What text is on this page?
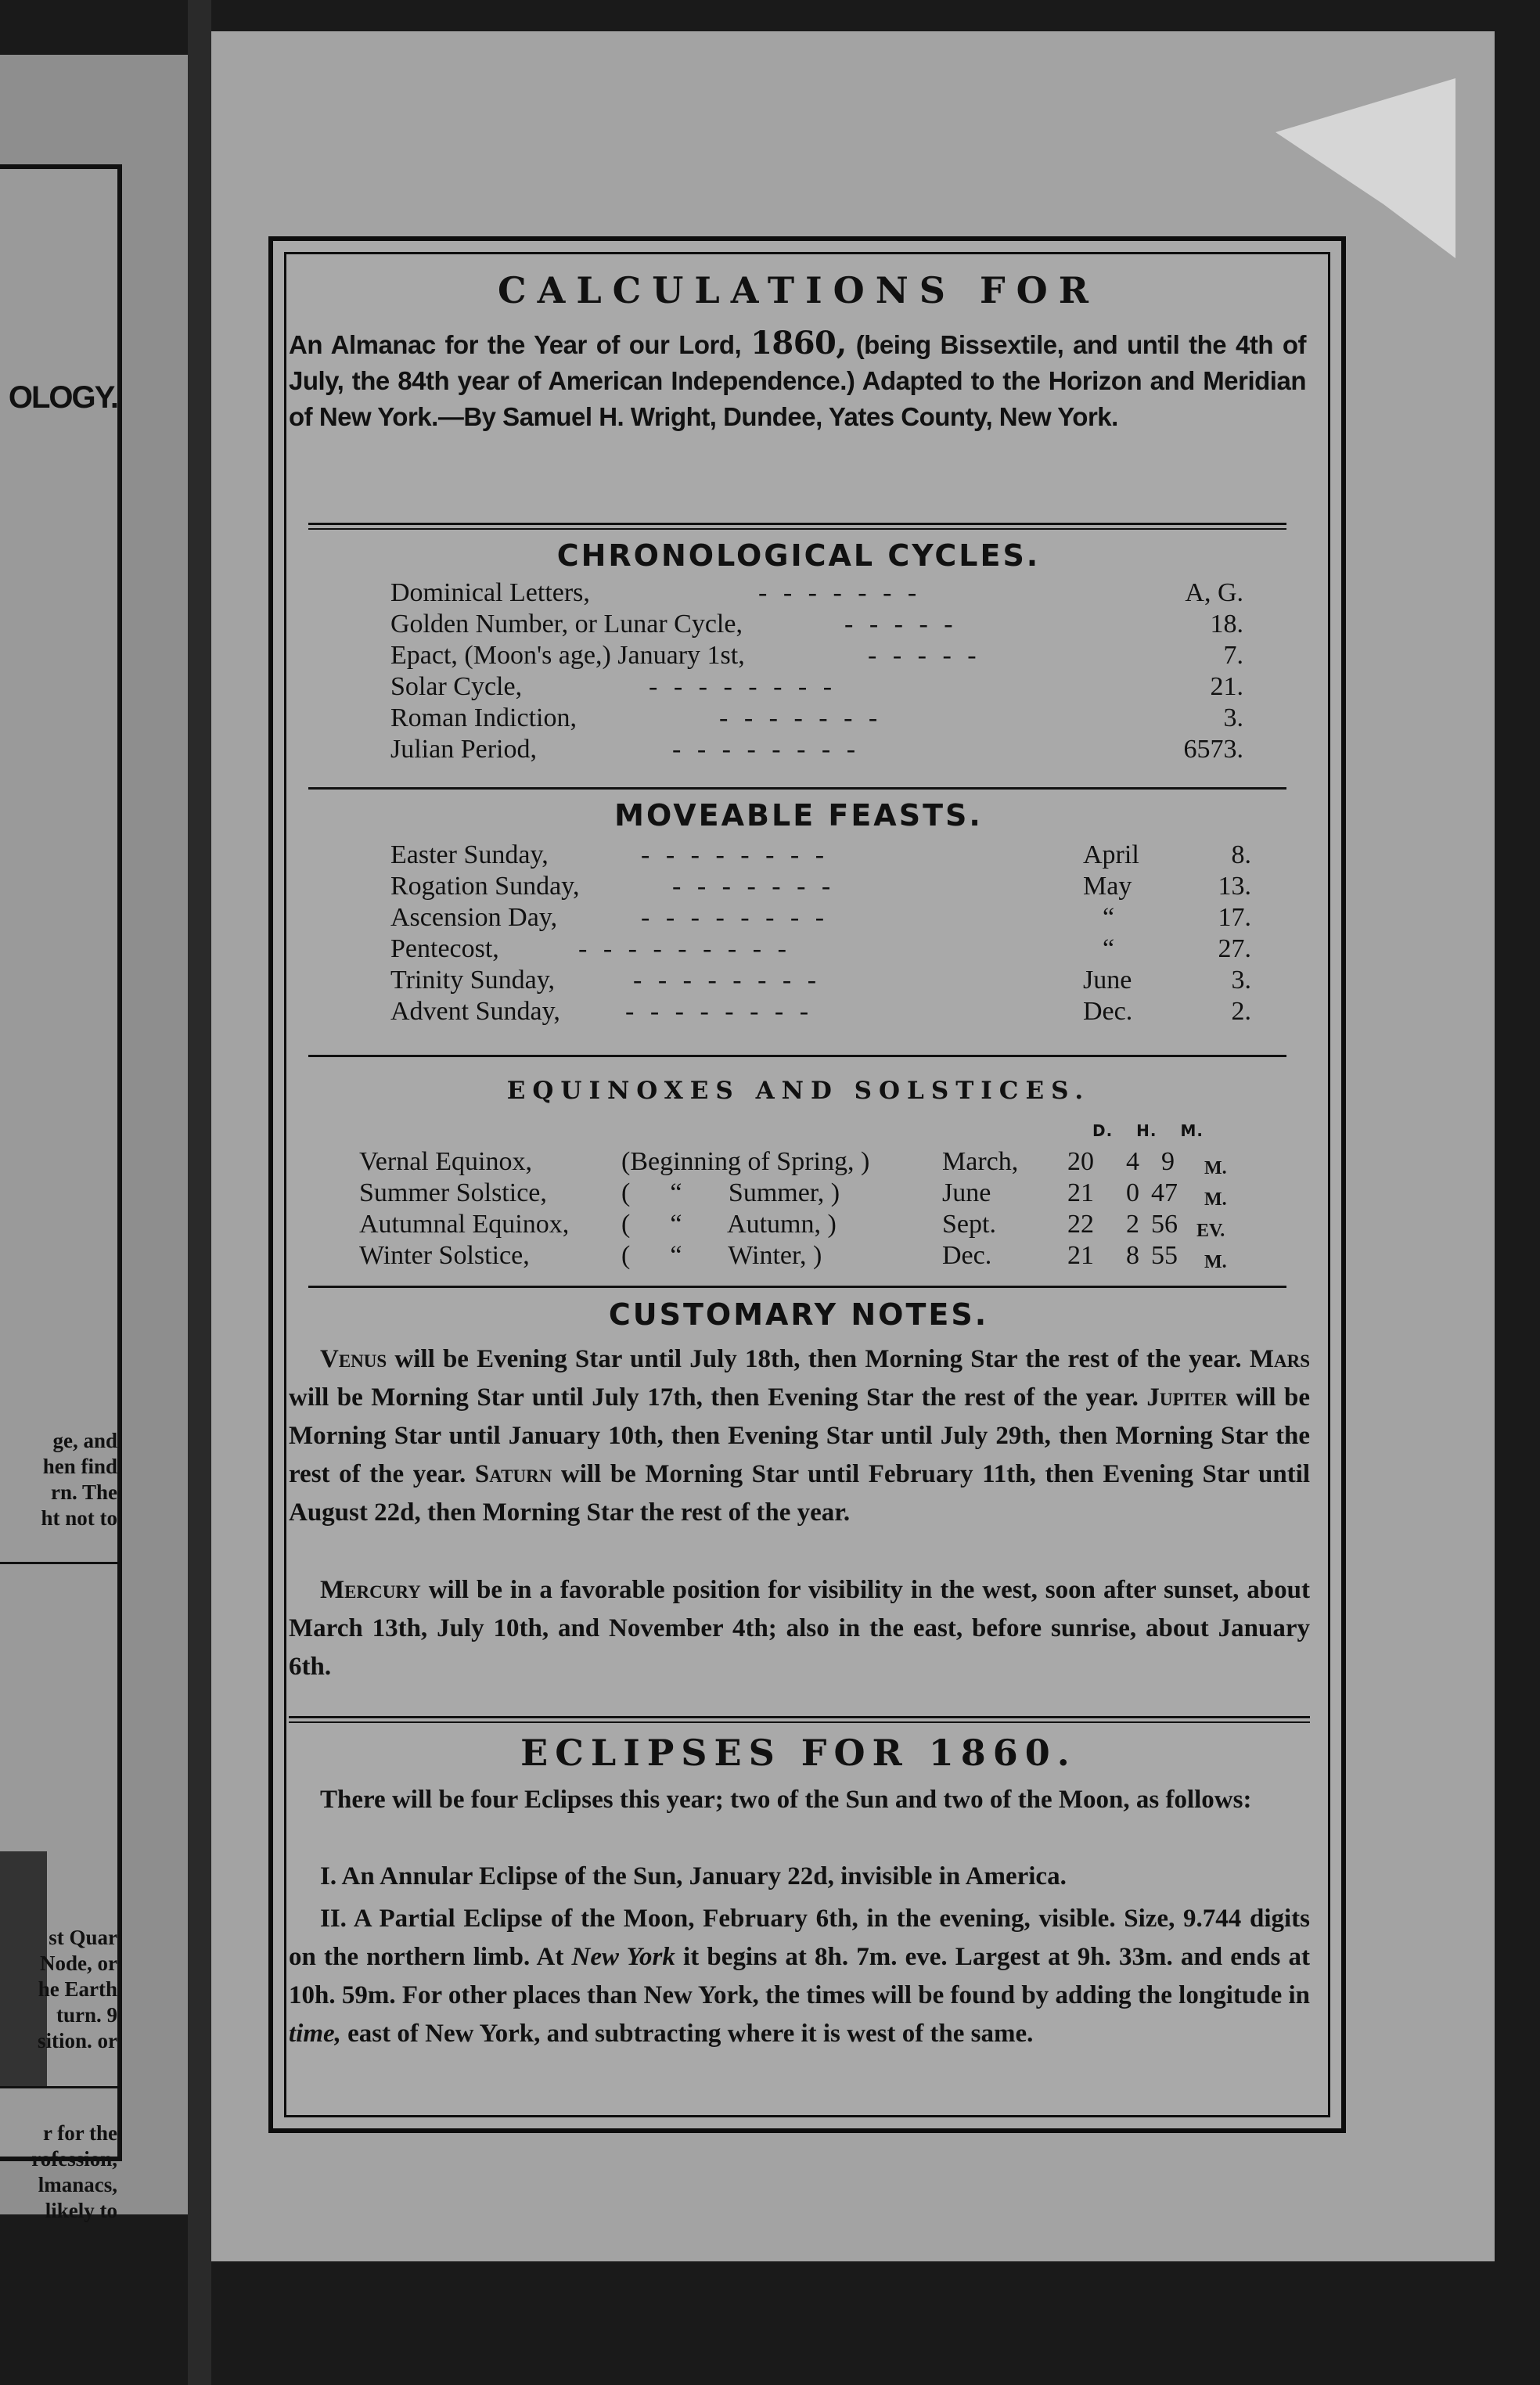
OLOGY.
ge, and
hen find
rn. The
ht not to
st Quar
Node, or
he Earth
turn. 9
sition. or
r for the
rofession,
lmanacs,
likely to
CALCULATIONS FOR
An Almanac for the Year of our Lord, 1860, (being Bissextile, and until the 4th of July, the 84th year of American Independence.) Adapted to the Horizon and Meridian of New York.—By Samuel H. Wright, Dundee, Yates County, New York.
CHRONOLOGICAL CYCLES.
Dominical Letters,	- - - - - - -	A, G.
Golden Number, or Lunar Cycle,	- - - - -	18.
Epact, (Moon's age,) January 1st,	- - - - -	7.
Solar Cycle,	- - - - - - - -	21.
Roman Indiction,	- - - - - - -	3.
Julian Period,	- - - - - - - -	6573.
MOVEABLE FEASTS.
Easter Sunday,	- - - - - - - -	April	8.
Rogation Sunday,	- - - - - - -	May	13.
Ascension Day,	- - - - - - - -	“	17.
Pentecost,	- - - - - - - - -	“	27.
Trinity Sunday,	- - - - - - - -	June	3.
Advent Sunday, - - - - - - - -	Dec.	2.
EQUINOXES AND SOLSTICES.
D. H. M.
Vernal Equinox,	(Beginning of Spring, )	March, 20 4 9 M.
Summer Solstice,	(      “       Summer, )	June	21 0 47 M.
Autumnal Equinox, (      “       Autumn, )	Sept.	22 2 56 EV.
Winter Solstice,	(      “       Winter, )	Dec.	21 8 55 M.
CUSTOMARY NOTES.
Venus will be Evening Star until July 18th, then Morning Star the rest of the year. Mars will be Morning Star until July 17th, then Evening Star the rest of the year. Jupiter will be Morning Star until January 10th, then Evening Star until July 29th, then Morning Star the rest of the year. Saturn will be Morning Star until February 11th, then Evening Star until August 22d, then Morning Star the rest of the year.
Mercury will be in a favorable position for visibility in the west, soon after sunset, about March 13th, July 10th, and November 4th; also in the east, before sunrise, about January 6th.
ECLIPSES FOR 1860.
There will be four Eclipses this year; two of the Sun and two of the Moon, as follows:
I. An Annular Eclipse of the Sun, January 22d, invisible in America.
II. A Partial Eclipse of the Moon, February 6th, in the evening, visible. Size, 9.744 digits on the northern limb. At New York it begins at 8h. 7m. eve. Largest at 9h. 33m. and ends at 10h. 59m. For other places than New York, the times will be found by adding the longitude in time, east of New York, and subtracting where it is west of the same.
